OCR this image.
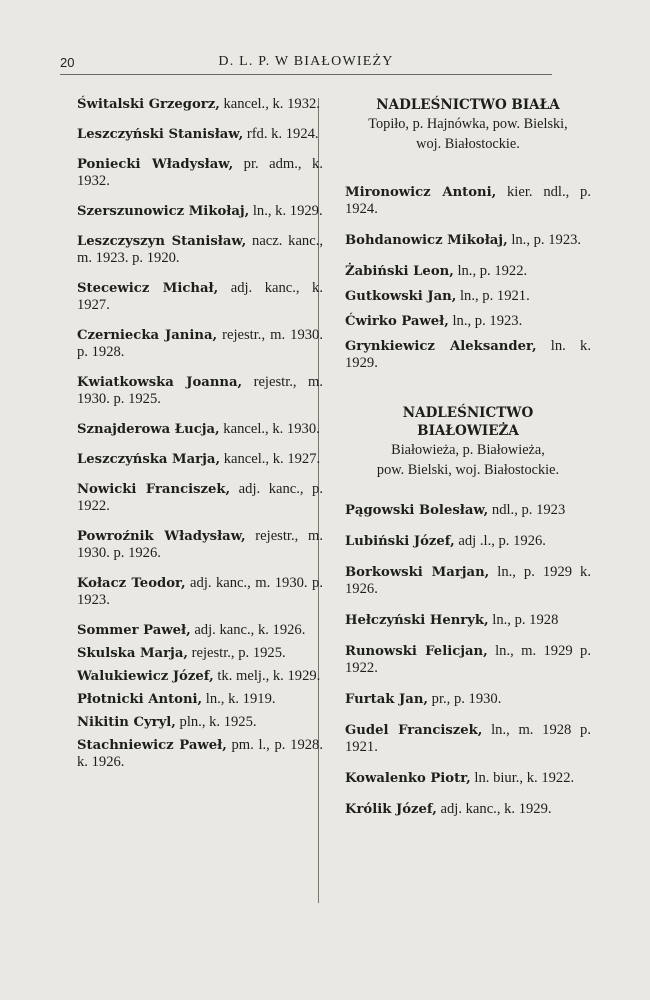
20	D. L. P. W BIAŁOWIEŻY

Świtalski Grzegorz, kancel., k. 1932.

Leszczyński Stanisław, rfd. k. 1924.

Poniecki Władysław, pr. adm., k. 1932.

Szerszunowicz Mikołaj, ln., k. 1929.

Leszczyszyn Stanisław, nacz. kanc., m. 1923. p. 1920.

Stecewicz Michał, adj. kanc., k. 1927.

Czerniecka Janina, rejestr., m. 1930. p. 1928.

Kwiatkowska Joanna, rejestr., m. 1930. p. 1925.

Sznajderowa Łucja, kancel., k. 1930.

Leszczyńska Marja, kancel., k. 1927.

Nowicki Franciszek, adj. kanc., p. 1922.

Powroźnik Władysław, rejestr., m. 1930. p. 1926.

Kołacz Teodor, adj. kanc., m. 1930. p. 1923.

Sommer Paweł, adj. kanc., k. 1926.

Skulska Marja, rejestr., p. 1925.

Walukiewicz Józef, tk. melj., k. 1929.

Płotnicki Antoni, ln., k. 1919.

Nikitin Cyryl, pln., k. 1925.

Stachniewicz Paweł, pm. l., p. 1928. k. 1926.

NADLEŚNICTWO BIAŁA

Topiło, p. Hajnówka, pow. Bielski,

woj. Białostockie.

Mironowicz Antoni, kier. ndl., p. 1924.

Bohdanowicz Mikołaj, ln., p. 1923.

Żabiński Leon, ln., p. 1922.

Gutkowski Jan, ln., p. 1921.

Ćwirko Paweł, ln., p. 1923.

Grynkiewicz Aleksander, ln. k. 1929.

NADLEŚNICTWO

BIAŁOWIEŻA

Białowieża, p. Białowieża,

pow. Bielski, woj. Białostockie.

Pągowski Bolesław, ndl., p. 1923

Lubiński Józef, adj .l., p. 1926.

Borkowski Marjan, ln., p. 1929 k. 1926.

Hełczyński Henryk, ln., p. 1928

Runowski Felicjan, ln., m. 1929 p. 1922.

Furtak Jan, pr., p. 1930.

Gudel Franciszek, ln., m. 1928 p. 1921.

Kowalenko Piotr, ln. biur., k. 1922.

Królik Józef, adj. kanc., k. 1929.
